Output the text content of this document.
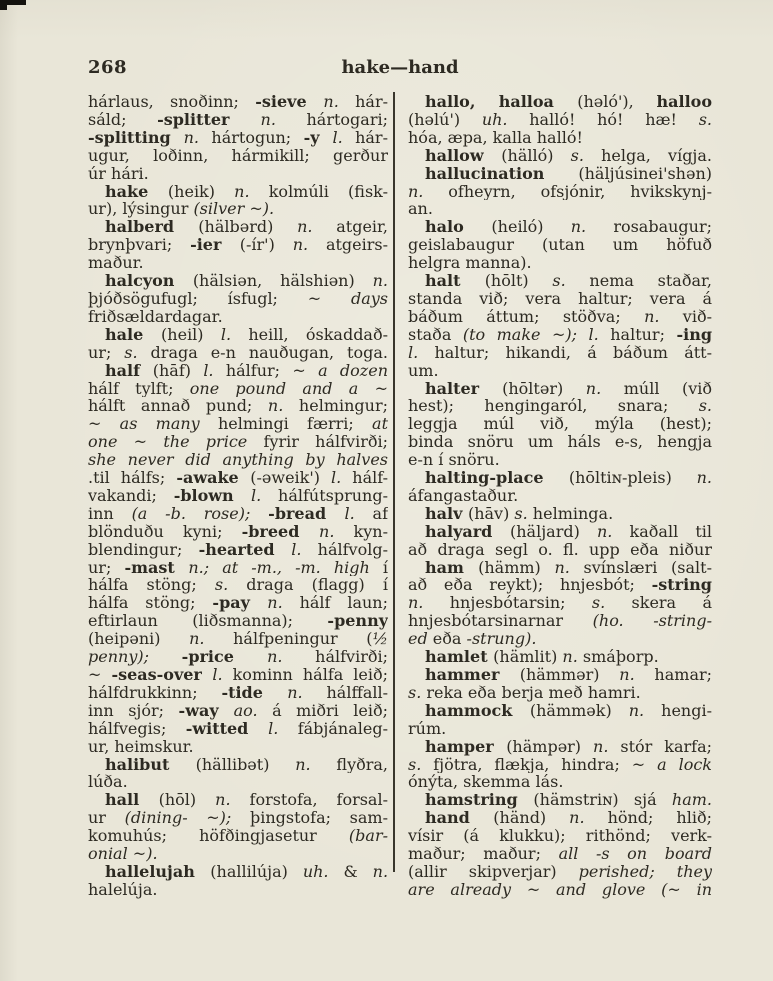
268	hake—hand
hárlaus, snoðinn; -sieve n. hár-
sáld; -splitter n. hártogari;
-splitting n. hártogun; -y l. hár-
ugur, loðinn, hármikill; gerður
úr hári.
hake (heik) n. kolmúli (fisk-
ur), lýsingur (silver ~).
halberd (hälbərd) n. atgeir,
brynþvari; -ier (-ír') n. atgeirs-
maður.
halcyon (hälsiən, hälshiən) n.
þjóðsögufugl; ísfugl; ~ days
friðsældardagar.
hale (heil) l. heill, óskaddað-
ur; s. draga e-n nauðugan, toga.
half (hāf) l. hálfur; ~ a dozen
hálf tylft; one pound and a ~
hálft annað pund; n. helmingur;
~ as many helmingi færri; at
one ~ the price fyrir hálfvirði;
she never did anything by halves
.til hálfs; -awake (-əweik') l. hálf-
vakandi; -blown l. hálfútsprung-
inn (a -b. rose); -bread l. af
blönduðu kyni; -breed n. kyn-
blendingur; -hearted l. hálfvolg-
ur; -mast n.; at -m., -m. high í
hálfa stöng; s. draga (flagg) í
hálfa stöng; -pay n. hálf laun;
eftirlaun (liðsmanna); -penny
(heipəni) n. hálfpeningur (½
penny); -price n. hálfvirði;
~ -seas-over l. kominn hálfa leið;
hálfdrukkinn; -tide n. hálffall-
inn sjór; -way ao. á miðri leið;
hálfvegis; -witted l. fábjánaleg-
ur, heimskur.
halibut (hällibət) n. flyðra,
lúða.
hall (hōl) n. forstofa, forsal-
ur (dining- ~); þingstofa; sam-
komuhús; höfðingjasetur (bar-
onial ~).
hallelujah (hallilúja) uh. & n.
halelúja.
hallo, halloa (həló'), halloo
(həlú') uh. halló! hó! hæ! s.
hóa, æpa, kalla halló!
hallow (hälló) s. helga, vígja.
hallucination (häljúsinei'shən)
n. ofheyrn, ofsjónir, hvikskynj-
an.
halo (heiló) n. rosabaugur;
geislabaugur (utan um höfuð
helgra manna).
halt (hōlt) s. nema staðar,
standa við; vera haltur; vera á
báðum áttum; stöðva; n. við-
staða (to make ~); l. haltur; -ing
l. haltur; hikandi, á báðum átt-
um.
halter (hōltər) n. múll (við
hest); hengingaról, snara; s.
leggja múl við, mýla (hest);
binda snöru um háls e-s, hengja
e-n í snöru.
halting-place (hōltiɴ-pleis) n.
áfangastaður.
halv (hāv) s. helminga.
halyard (häljard) n. kaðall til
að draga segl o. fl. upp eða niður
ham (hämm) n. svínslæri (salt-
að eða reykt); hnjesbót; -string
n. hnjesbótarsin; s. skera á
hnjesbótarsinarnar (ho. -string-
ed eða -strung).
hamlet (hämlit) n. smáþorp.
hammer (hämmər) n. hamar;
s. reka eða berja með hamri.
hammock (hämmək) n. hengi-
rúm.
hamper (hämpər) n. stór karfa;
s. fjötra, flækja, hindra; ~ a lock
ónýta, skemma lás.
hamstring (hämstriɴ) sjá ham.
hand (händ) n. hönd; hlið;
vísir (á klukku); rithönd; verk-
maður; maður; all -s on board
(allir skipverjar) perished; they
are already ~ and glove (~ in
